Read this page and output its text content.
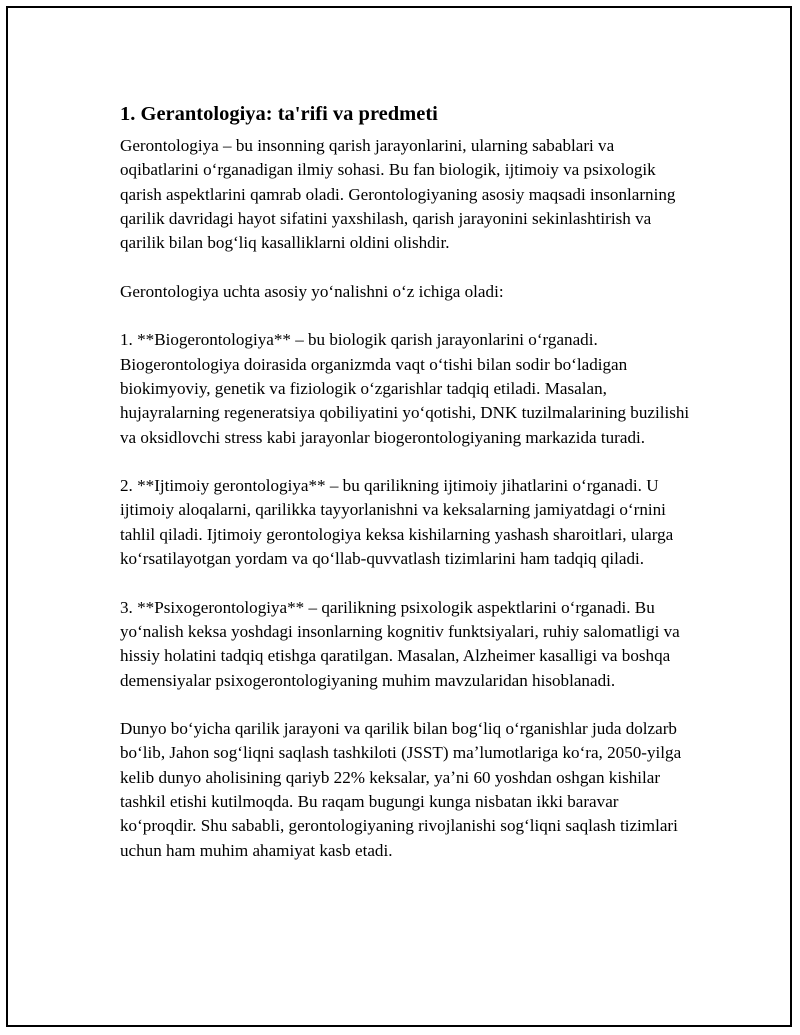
1. Gerantologiya: ta'rifi va predmeti

Gerontologiya – bu insonning qarish jarayonlarini, ularning sabablari va oqibatlarini oʻrganadigan ilmiy sohasi. Bu fan biologik, ijtimoiy va psixologik qarish aspektlarini qamrab oladi. Gerontologiyaning asosiy maqsadi insonlarning qarilik davridagi hayot sifatini yaxshilash, qarish jarayonini sekinlashtirish va qarilik bilan bogʻliq kasalliklarni oldini olishdir.

Gerontologiya uchta asosiy yoʻnalishni oʻz ichiga oladi:

1. **Biogerontologiya** – bu biologik qarish jarayonlarini oʻrganadi. Biogerontologiya doirasida organizmda vaqt oʻtishi bilan sodir boʻladigan biokimyoviy, genetik va fiziologik oʻzgarishlar tadqiq etiladi. Masalan, hujayralarning regeneratsiya qobiliyatini yoʻqotishi, DNK tuzilmalarining buzilishi va oksidlovchi stress kabi jarayonlar biogerontologiyaning markazida turadi.

2. **Ijtimoiy gerontologiya** – bu qarilikning ijtimoiy jihatlarini oʻrganadi. U ijtimoiy aloqalarni, qarilikka tayyorlanishni va keksalarning jamiyatdagi oʻrnini tahlil qiladi. Ijtimoiy gerontologiya keksa kishilarning yashash sharoitlari, ularga koʻrsatilayotgan yordam va qoʻllab-quvvatlash tizimlarini ham tadqiq qiladi.

3. **Psixogerontologiya** – qarilikning psixologik aspektlarini oʻrganadi. Bu yoʻnalish keksa yoshdagi insonlarning kognitiv funktsiyalari, ruhiy salomatligi va hissiy holatini tadqiq etishga qaratilgan. Masalan, Alzheimer kasalligi va boshqa demensiyalar psixogerontologiyaning muhim mavzularidan hisoblanadi.

Dunyo boʻyicha qarilik jarayoni va qarilik bilan bogʻliq oʻrganishlar juda dolzarb boʻlib, Jahon sogʻliqni saqlash tashkiloti (JSST) maʼlumotlariga koʻra, 2050-yilga kelib dunyo aholisining qariyb 22% keksalar, yaʼni 60 yoshdan oshgan kishilar tashkil etishi kutilmoqda. Bu raqam bugungi kunga nisbatan ikki baravar koʻproqdir. Shu sababli, gerontologiyaning rivojlanishi sogʻliqni saqlash tizimlari uchun ham muhim ahamiyat kasb etadi.
